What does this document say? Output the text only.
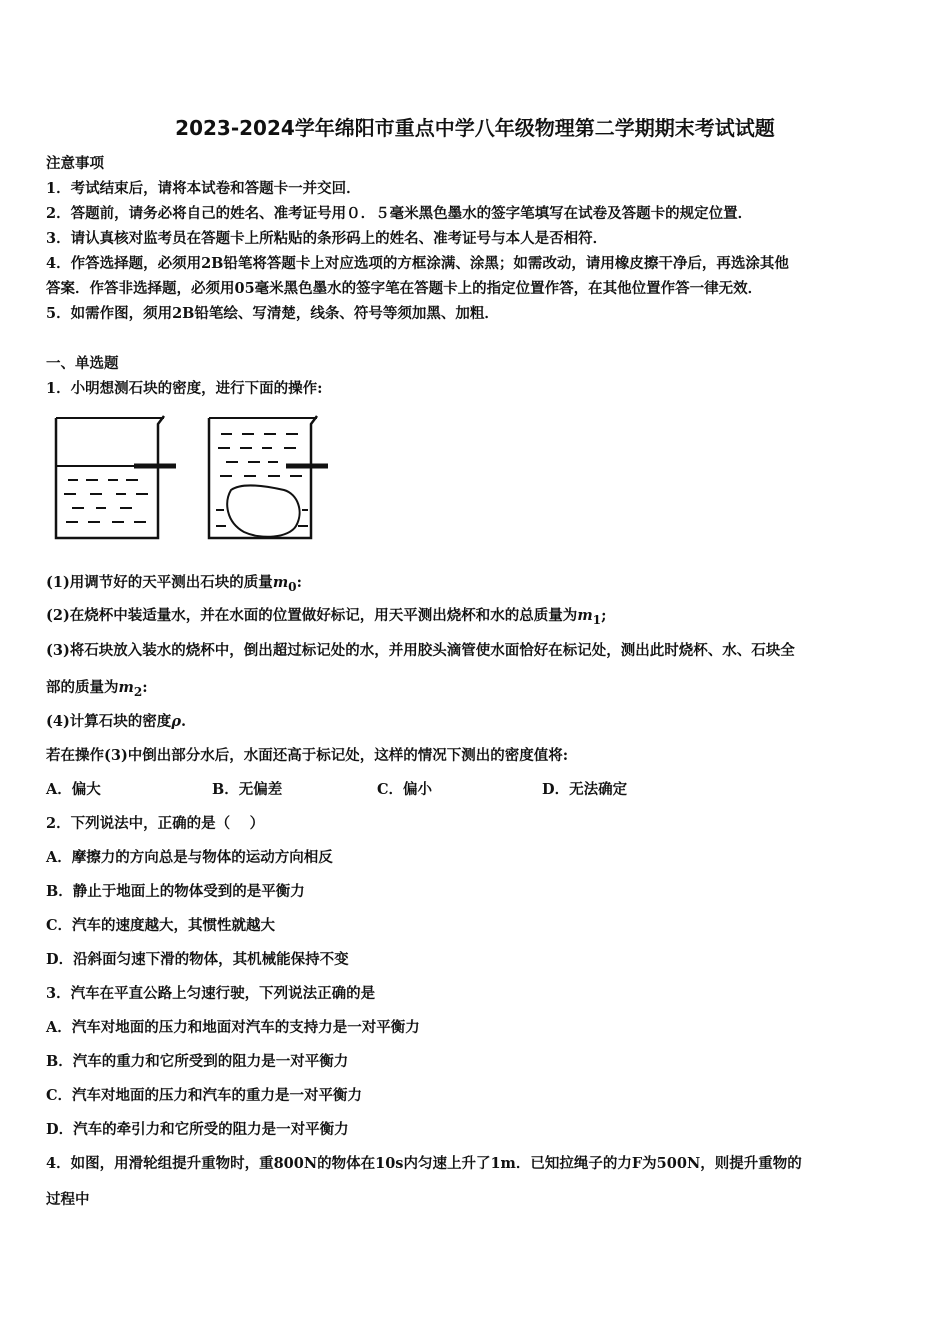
2023-2024学年绵阳市重点中学八年级物理第二学期期末考试试题
注意事项
1．考试结束后，请将本试卷和答题卡一并交回．
2．答题前，请务必将自己的姓名、准考证号用０．５毫米黑色墨水的签字笔填写在试卷及答题卡的规定位置．
3．请认真核对监考员在答题卡上所粘贴的条形码上的姓名、准考证号与本人是否相符．
4．作答选择题，必须用2B铅笔将答题卡上对应选项的方框涂满、涂黑；如需改动，请用橡皮擦干净后，再选涂其他
答案．作答非选择题，必须用05毫米黑色墨水的签字笔在答题卡上的指定位置作答，在其他位置作答一律无效．
5．如需作图，须用2B铅笔绘、写清楚，线条、符号等须加黑、加粗．
一、单选题
1．小明想测石块的密度，进行下面的操作:
(1)用调节好的天平测出石块的质量$m_0$:
(2)在烧杯中装适量水，并在水面的位置做好标记，用天平测出烧杯和水的总质量为$m_1$;
(3)将石块放入装水的烧杯中，倒出超过标记处的水，并用胶头滴管使水面恰好在标记处，测出此时烧杯、水、石块全
部的质量为$m_2$:
(4)计算石块的密度ρ.
若在操作(3)中倒出部分水后，水面还高于标记处，这样的情况下测出的密度值将:
A．偏大	B．无偏差	C．偏小	D．无法确定
2．下列说法中，正确的是（　 ）
A．摩擦力的方向总是与物体的运动方向相反
B．静止于地面上的物体受到的是平衡力
C．汽车的速度越大，其惯性就越大
D．沿斜面匀速下滑的物体，其机械能保持不变
3．汽车在平直公路上匀速行驶，下列说法正确的是
A．汽车对地面的压力和地面对汽车的支持力是一对平衡力
B．汽车的重力和它所受到的阻力是一对平衡力
C．汽车对地面的压力和汽车的重力是一对平衡力
D．汽车的牵引力和它所受的阻力是一对平衡力
4．如图，用滑轮组提升重物时，重800N的物体在10s内匀速上升了1m．已知拉绳子的力F为500N，则提升重物的
过程中
